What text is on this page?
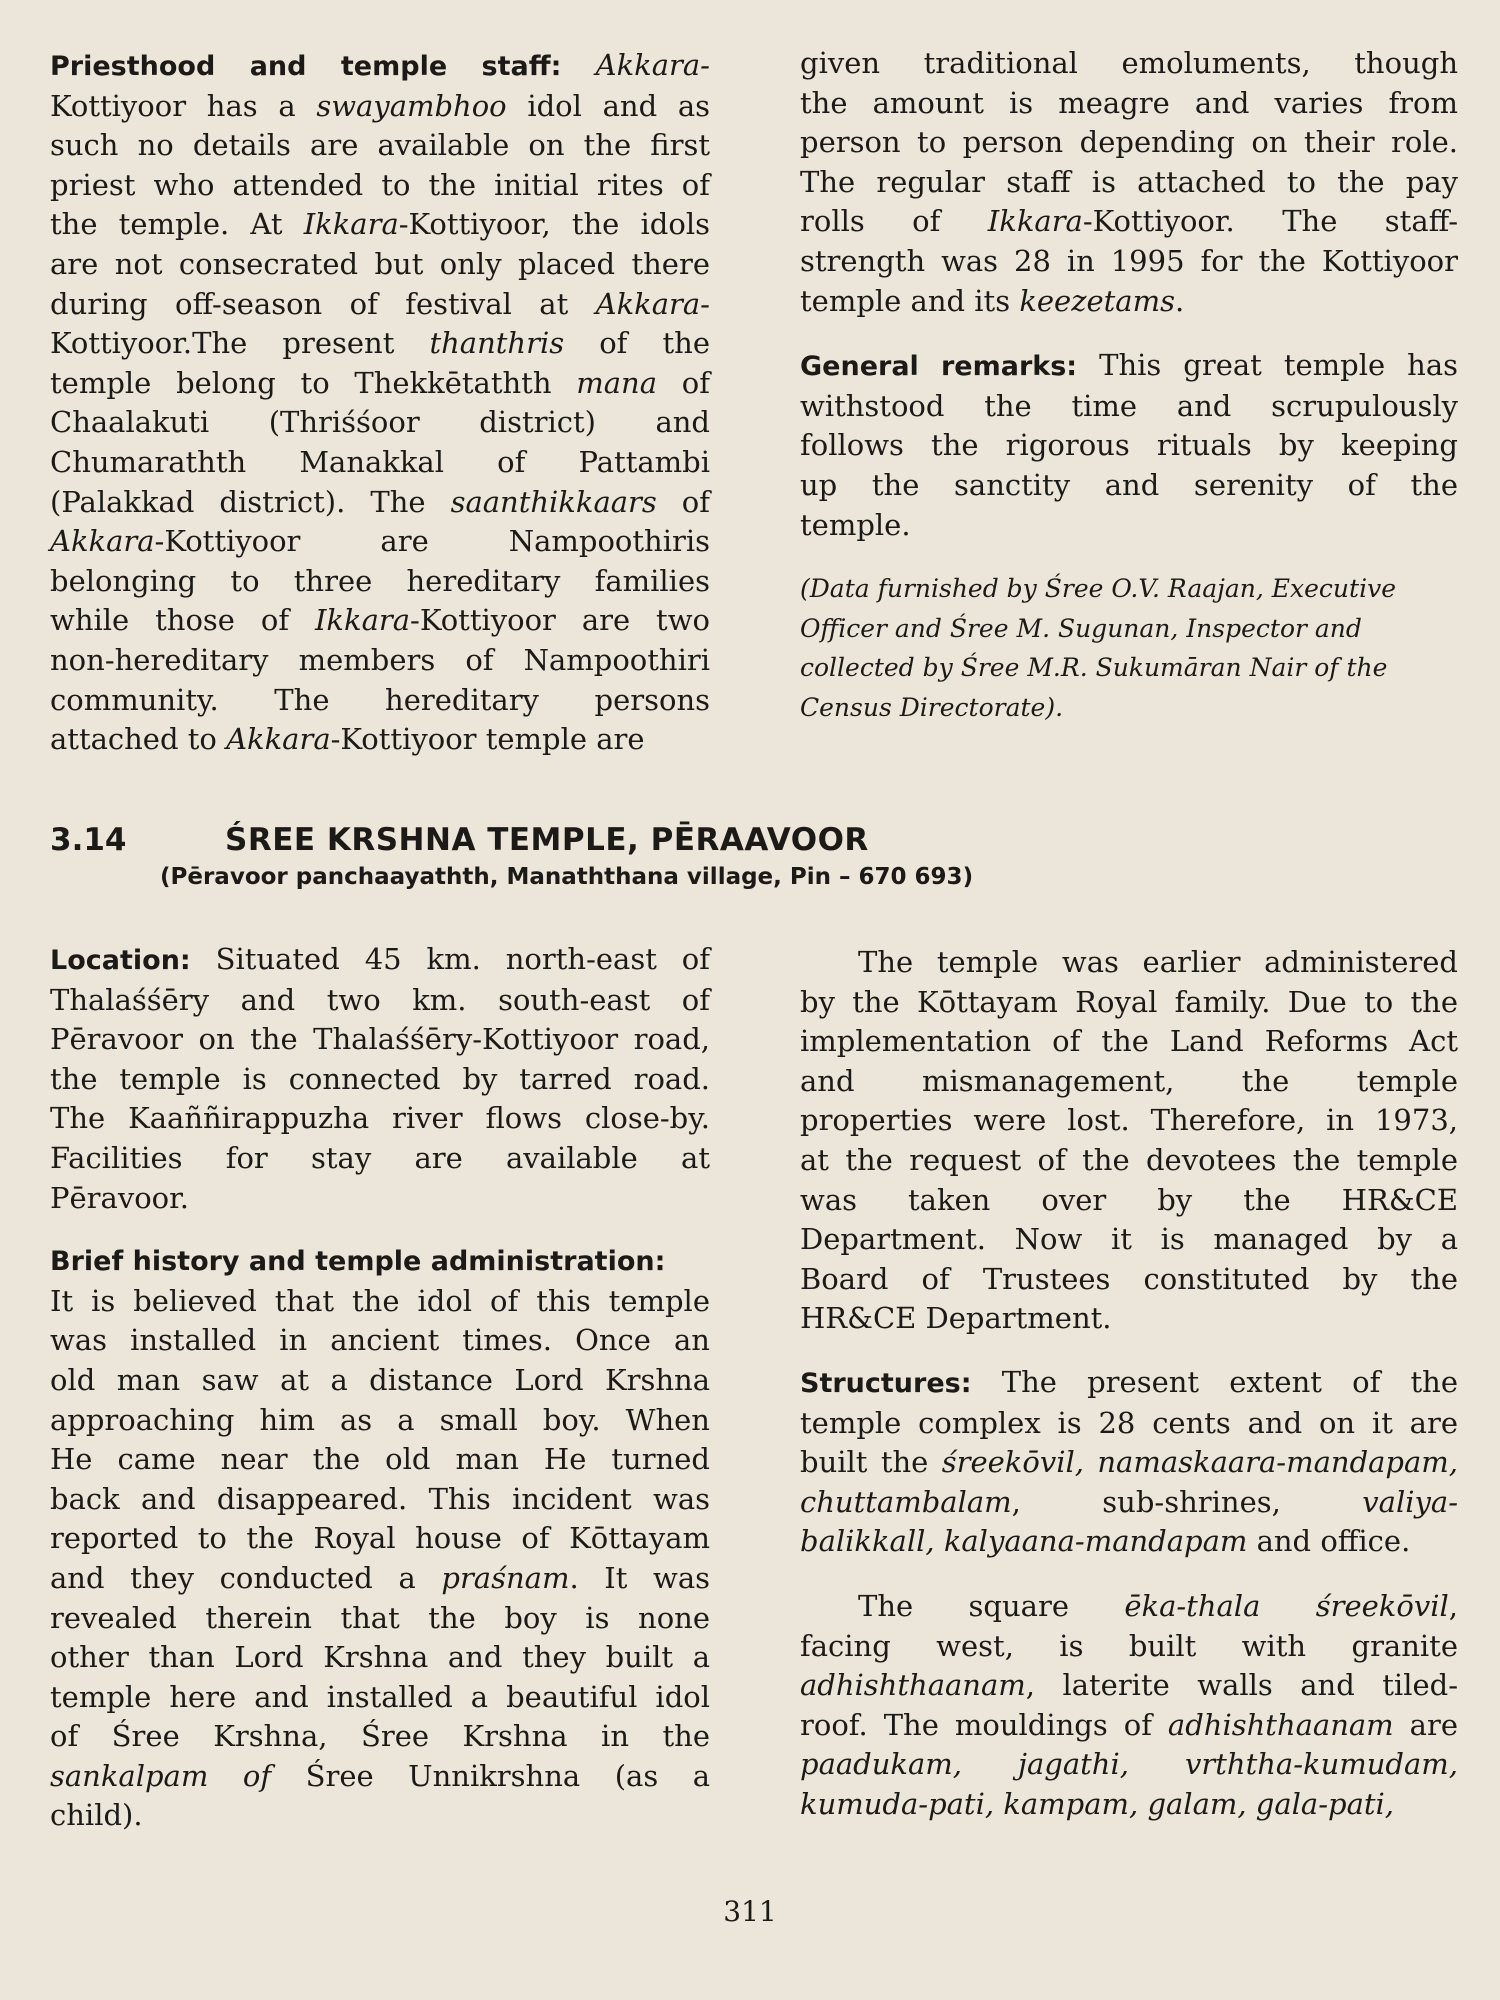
Priesthood and temple staff: Akkara-
Kottiyoor has a swayambhoo idol and as
such no details are available on the first
priest who attended to the initial rites of
the temple. At Ikkara-Kottiyoor, the idols
are not consecrated but only placed there
during off-season of festival at Akkara-
Kottiyoor.The present thanthris of the
temple belong to Thekkētathth mana of
Chaalakuti (Thriśśoor district) and
Chumarathth Manakkal of Pattambi
(Palakkad district). The saanthikkaars of
Akkara-Kottiyoor are Nampoothiris
belonging to three hereditary families
while those of Ikkara-Kottiyoor are two
non-hereditary members of Nampoothiri
community. The hereditary persons
attached to Akkara-Kottiyoor temple are

given traditional emoluments, though
the amount is meagre and varies from
person to person depending on their role.
The regular staff is attached to the pay
rolls of Ikkara-Kottiyoor. The staff-
strength was 28 in 1995 for the Kottiyoor
temple and its keezetams.

General remarks: This great temple has
withstood the time and scrupulously
follows the rigorous rituals by keeping
up the sanctity and serenity of the
temple.

(Data furnished by Śree O.V. Raajan, Executive

Officer and Śree M. Sugunan, Inspector and

collected by Śree M.R. Sukumāran Nair of the

Census Directorate).

3.14	ŚREE KRSHNA TEMPLE, PĒRAAVOOR
(Pēravoor panchaayathth, Manaththana village, Pin – 670 693)

Location: Situated 45 km. north-east of
Thalaśśēry and two km. south-east of
Pēravoor on the Thalaśśēry-Kottiyoor road,
the temple is connected by tarred road.
The Kaaññirappuzha river flows close-by.
Facilities for stay are available at
Pēravoor.

Brief history and temple administration:

It is believed that the idol of this temple
was installed in ancient times. Once an
old man saw at a distance Lord Krshna
approaching him as a small boy. When
He came near the old man He turned
back and disappeared. This incident was
reported to the Royal house of Kōttayam
and they conducted a praśnam. It was
revealed therein that the boy is none
other than Lord Krshna and they built a
temple here and installed a beautiful idol
of Śree Krshna, Śree Krshna in the
sankalpam of Śree Unnikrshna (as a
child).

The temple was earlier administered
by the Kōttayam Royal family. Due to the
implementation of the Land Reforms Act
and mismanagement, the temple
properties were lost. Therefore, in 1973,
at the request of the devotees the temple
was taken over by the HR&CE
Department. Now it is managed by a
Board of Trustees constituted by the
HR&CE Department.

Structures: The present extent of the
temple complex is 28 cents and on it are
built the śreekōvil, namaskaara-mandapam,
chuttambalam, sub-shrines, valiya-
balikkall, kalyaana-mandapam and office.

The square ēka-thala śreekōvil,
facing west, is built with granite
adhishthaanam, laterite walls and tiled-
roof. The mouldings of adhishthaanam are
paadukam, jagathi, vrththa-kumudam,
kumuda-pati, kampam, galam, gala-pati,

311
